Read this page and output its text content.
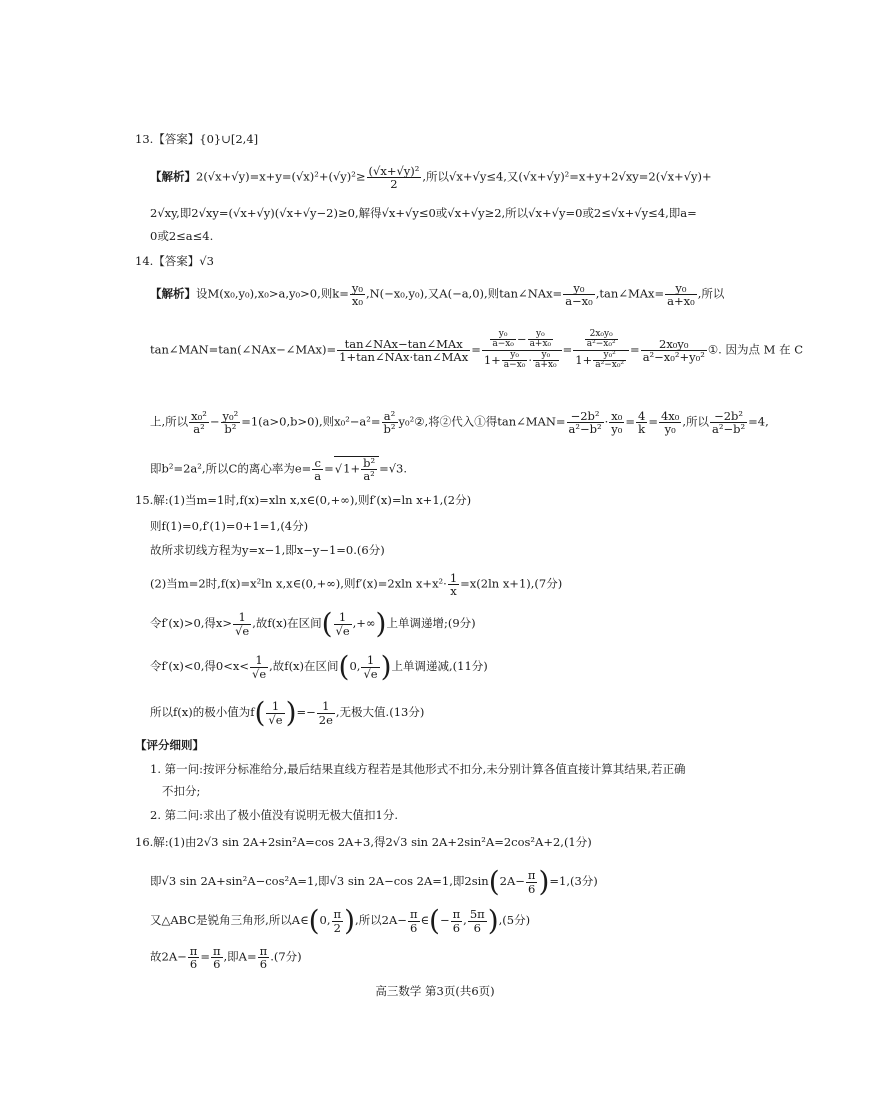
13.【答案】{0}∪[2,4]
【解析】$2(√x+√y)=x+y=(√x)^2+(√y)^2\ge \frac{\text{(√x+√y)²}}{2}$ ,所以√x+√y≤4,又(√x+√y)²=x+y+2√xy=2(√x+√y)+
2√xy,即2√xy=(√x+√y)(√x+√y−2)≥0,解得√x+√y≤0或√x+√y≥2,所以√x+√y=0或2≤√x+√y≤4,即a=
0或2≤a≤4.
14.【答案】√3
【解析】设M(x₀,y₀),x₀>a,y₀>0,则$k= \frac{\text{y₀}}{\text{x₀}} ,N(-x_0,y_0)$,又A(−a,0),则tan∠NAx= $\frac{\text{y₀}}{\text{a−x₀}}$ ,tan∠MAx= $\frac{\text{y₀}}{\text{a+x₀}}$ ,所以
tan∠MAN=tan(∠NAx−∠MAx)= tan∠NAx−tan∠MAx
1+tan∠NAx·tan∠MAx
= $\frac{\frac{\text{y₀}}{\text{a−x₀}} - \frac{\text{y₀}}{\text{a+x₀}}}{1+ \frac{\text{y₀}}{\text{a−x₀}} \cdot \frac{\text{y₀}}{\text{a+x₀}}} = \frac{\frac{\text{2x₀y₀}}{\text{a²−x₀²}}}{1+ \frac{\text{y₀²}}{\text{a²−x₀²}}} = \frac{\text{2x₀y₀}}{\text{a²−x₀²+y₀²}}$ ①. 因为点 M 在 C
上,所以 $\frac{\text{x₀²}}{\text{a²}} - \frac{\text{y₀²}}{\text{b²}} =1(a>0,b>0)$,则$x_0^2-a^2= \frac{\text{a²}}{\text{b²}}$ y₀²②,将②代入①得tan∠MAN= $\frac{\text{−2b²}}{\text{a²−b²}} \cdot \frac{\text{x₀}}{\text{y₀}} = \frac{4}{k} = \frac{\text{4x₀}}{\text{y₀}}$ ,所以 $\frac{\text{−2b²}}{\text{a²−b²}} =4$,
即b²=2a²,所以C的离心率为$e= \frac{c}{a}$ =√ $1+ \frac{\text{b²}}{\text{a²}} =√3$.
15.解:(1)当m=1时,f(x)=xln x,x∈(0,+∞),则f′(x)=ln x+1,(2分)
则f(1)=0,f′(1)=0+1=1,(4分)
故所求切线方程为y=x−1,即x−y−1=0.(6分)
(2)当m=2时,f(x)=x²ln x,x∈(0,+∞),则f′(x)=2xln $x+x^2\cdot \frac{1}{x} =x(2\ln$ x+1),(7分)
令f′(x)>0,得$x> \frac{1}{√e}$ ,故f(x)在区间( $\frac{1}{√e}$ ,+∞)上单调递增;(9分)
令f′(x)<0,得$0<x< \frac{1}{√e}$ ,故f(x)在区间(0, $\frac{1}{√e}$ )上单调递减,(11分)
所以f(x)的极小值为$f( \frac{1}{√e}$ )=− $\frac{1}{2e}$ ,无极大值.(13分)
【评分细则】
1. 第一问:按评分标准给分,最后结果直线方程若是其他形式不扣分,未分别计算各值直接计算其结果,若正确
不扣分;
2. 第二问:求出了极小值没有说明无极大值扣1分.
16.解:(1)由2√3 sin 2A+2sin²A=cos 2A+3,得2√3 sin 2A+2sin²A=2cos²A+2,(1分)
即√3 sin 2A+sin²A−cos²A=1,即√3 sin 2A−cos 2A=1,即$2\sin(2A- \frac{\pi}{6} )=1,(3$分)
又△ABC是锐角三角形,所以A∈(0, $\frac{\pi}{2}$ ),所以$2A- \frac{\pi}{6}$ ∈(− $\frac{\pi}{6}$ , $\frac{5\pi}{6} ),(5$分)
故$2A- \frac{\pi}{6} = \frac{\pi}{6}$ ,即$A= \frac{\pi}{6} .(7$分)
高三数学 第3页(共6页)
